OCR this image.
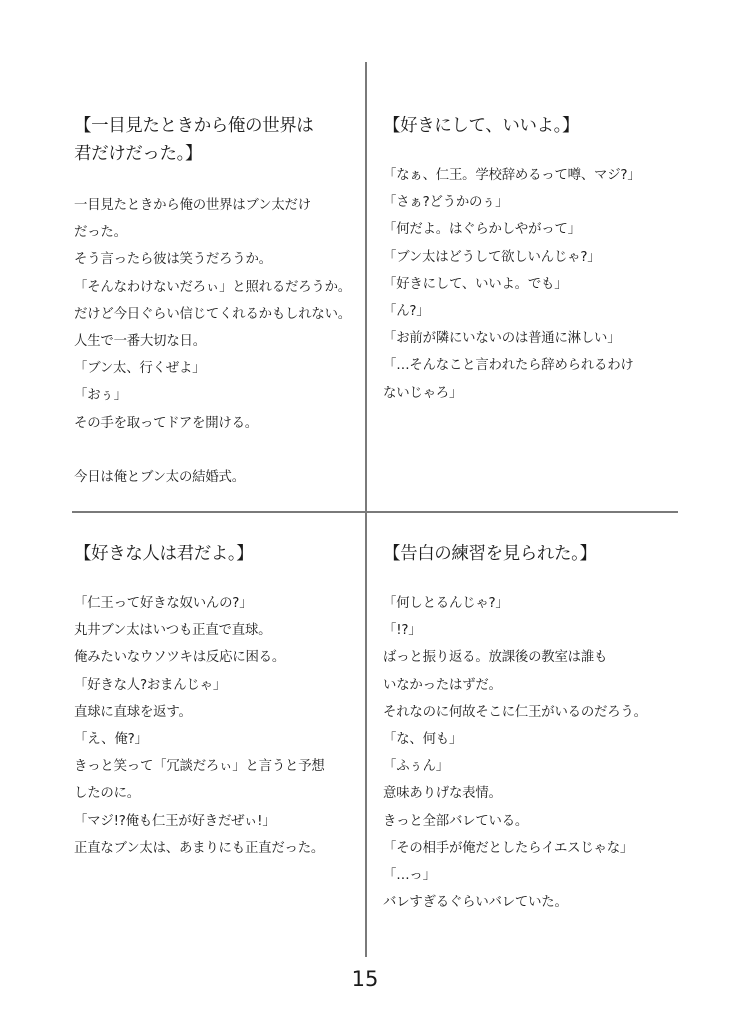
【一目見たときから俺の世界は
君だけだった。】
一目見たときから俺の世界はブン太だけ
だった。
そう言ったら彼は笑うだろうか。
「そんなわけないだろぃ」と照れるだろうか。
だけど今日ぐらい信じてくれるかもしれない。
人生で一番大切な日。
「ブン太、行くぜよ」
「おぅ」
その手を取ってドアを開ける。
今日は俺とブン太の結婚式。
【好きにして、いいよ。】
「なぁ、仁王。学校辞めるって噂、マジ?」
「さぁ?どうかのぅ」
「何だよ。はぐらかしやがって」
「ブン太はどうして欲しいんじゃ?」
「好きにして、いいよ。でも」
「ん?」
「お前が隣にいないのは普通に淋しい」
「…そんなこと言われたら辞められるわけ
ないじゃろ」
【好きな人は君だよ。】
「仁王って好きな奴いんの?」
丸井ブン太はいつも正直で直球。
俺みたいなウソツキは反応に困る。
「好きな人?おまんじゃ」
直球に直球を返す。
「え、俺?」
きっと笑って「冗談だろぃ」と言うと予想
したのに。
「マジ!?俺も仁王が好きだぜぃ!」
正直なブン太は、あまりにも正直だった。
【告白の練習を見られた。】
「何しとるんじゃ?」
「!?」
ばっと振り返る。放課後の教室は誰も
いなかったはずだ。
それなのに何故そこに仁王がいるのだろう。
「な、何も」
「ふぅん」
意味ありげな表情。
きっと全部バレている。
「その相手が俺だとしたらイエスじゃな」
「…っ」
バレすぎるぐらいバレていた。
15
